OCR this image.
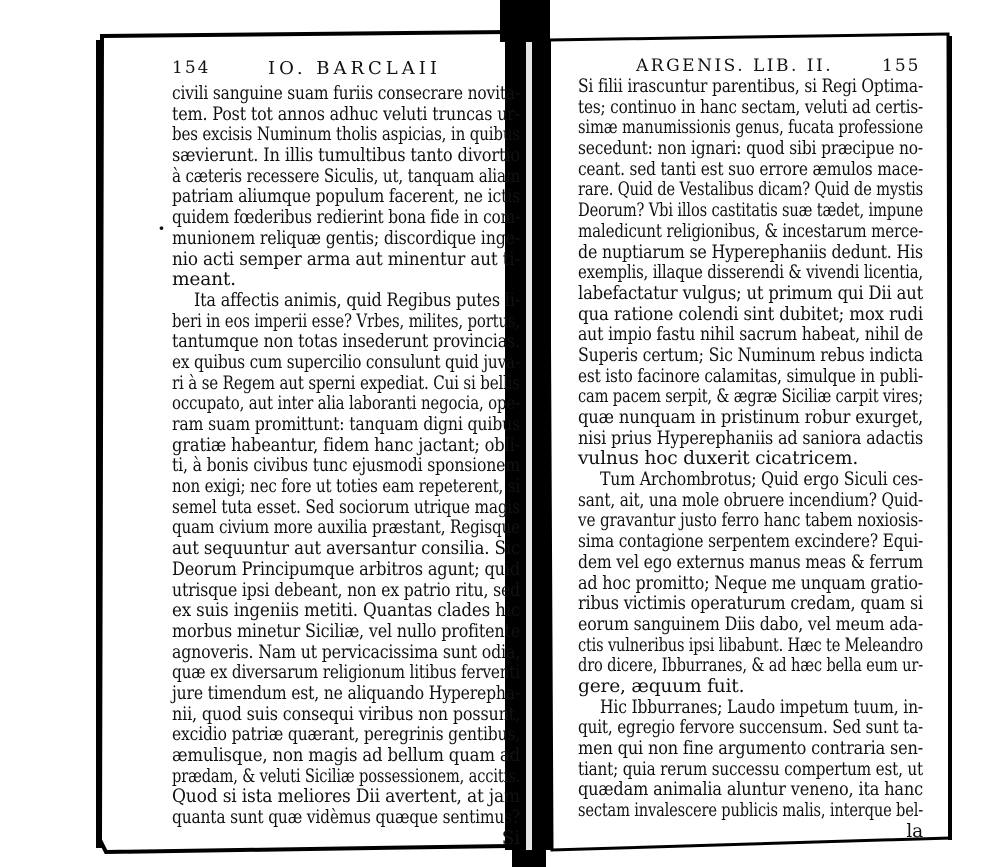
154	IO. BARCLAII
·
civili sanguine suam furiis consecrare novita-
tem. Post tot annos adhuc veluti truncas ur-
bes excisis Numinum tholis aspicias, in quibus
sævierunt. In illis tumultibus tanto divortio
à cæteris recessere Siculis, ut, tanquam aliam
patriam aliumque populum facerent, ne ictis
quidem fœderibus redierint bona fide in com-
munionem reliquæ gentis; discordique inge-
nio acti semper arma aut minentur aut ti-
meant.
Ita affectis animis, quid Regibus putes li-
beri in eos imperii esse? Vrbes, milites, portus,
tantumque non totas insederunt provincias.
ex quibus cum supercilio consulunt quid juva-
ri à se Regem aut sperni expediat. Cui si bellis
occupato, aut inter alia laboranti negocia, ope-
ram suam promittunt: tanquam digni quibus
gratiæ habeantur, fidem hanc jactant; obli-
ti, à bonis civibus tunc ejusmodi sponsionem
non exigi; nec fore ut toties eam repeterent, si
semel tuta esset. Sed sociorum utrique magis
quam civium more auxilia præstant, Regisque
aut sequuntur aut aversantur consilia. Sic
Deorum Principumque arbitros agunt; quid
utrisque ipsi debeant, non ex patrio ritu, sed
ex suis ingeniis metiti. Quantas clades hic
morbus minetur Siciliæ, vel nullo profitente
agnoveris. Nam ut pervicacissima sunt odia,
quæ ex diversarum religionum litibus ferventi
jure timendum est, ne aliquando Hyperepha-
nii, quod suis consequi viribus non possunt,
excidio patriæ quærant, peregrinis gentibus,
æmulisque, non magis ad bellum quam ad
prædam, & veluti Siciliæ possessionem, accitis.
Quod si ista meliores Dii avertent, at jam
quanta sunt quæ vidèmus quæque sentimus?
Si
ARGENIS. LIB. II.	155
Si filii irascuntur parentibus, si Regi Optima-
tes; continuo in hanc sectam, veluti ad certis-
simæ manumissionis genus, fucata professione
secedunt: non ignari: quod sibi præcipue no-
ceant. sed tanti est suo errore æmulos mace-
rare. Quid de Vestalibus dicam? Quid de mystis
Deorum? Vbi illos castitatis suæ tædet, impune
maledicunt religionibus, & incestarum merce-
de nuptiarum se Hyperephaniis dedunt. His
exemplis, illaque disserendi & vivendi licentia,
labefactatur vulgus; ut primum qui Dii aut
qua ratione colendi sint dubitet; mox rudi
aut impio fastu nihil sacrum habeat, nihil de
Superis certum; Sic Numinum rebus indicta
est isto facinore calamitas, simulque in publi-
cam pacem serpit, & ægræ Siciliæ carpit vires;
quæ nunquam in pristinum robur exurget,
nisi prius Hyperephaniis ad saniora adactis
vulnus hoc duxerit cicatricem.
Tum Archombrotus; Quid ergo Siculi ces-
sant, ait, una mole obruere incendium? Quid-
ve gravantur justo ferro hanc tabem noxiosis-
sima contagione serpentem excindere? Equi-
dem vel ego externus manus meas & ferrum
ad hoc promitto; Neque me unquam gratio-
ribus victimis operaturum credam, quam si
eorum sanguinem Diis dabo, vel meum ada-
ctis vulneribus ipsi libabunt. Hæc te Meleandro
dro dicere, Ibburranes, & ad hæc bella eum ur-
gere, æquum fuit.
Hic Ibburranes; Laudo impetum tuum, in-
quit, egregio fervore succensum. Sed sunt ta-
men qui non fine argumento contraria sen-
tiant; quia rerum successu compertum est, ut
quædam animalia aluntur veneno, ita hanc
sectam invalescere publicis malis, interque bel-
la
